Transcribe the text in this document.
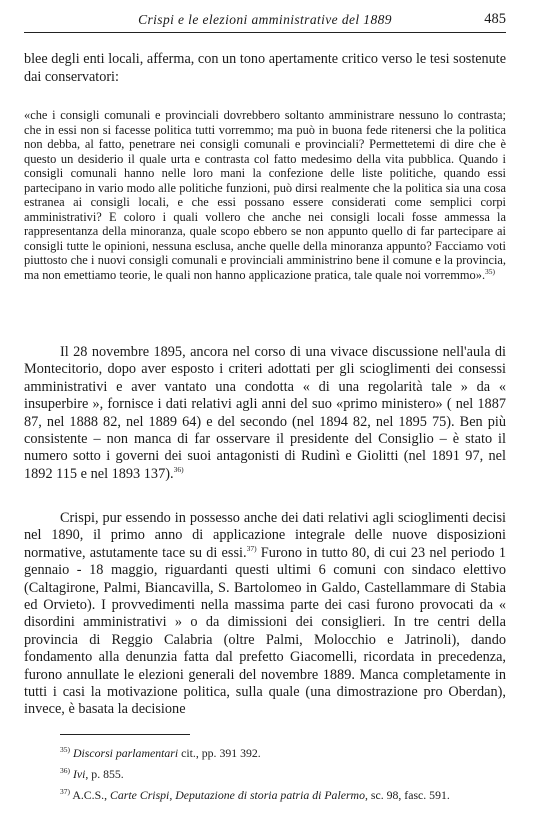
Crispi e le elezioni amministrative del 1889	485

blee degli enti locali, afferma, con un tono apertamente critico verso le tesi sostenute dai conservatori:

«che i consigli comunali e provinciali dovrebbero soltanto amministrare nessuno lo contrasta; che in essi non si facesse politica tutti vorremmo; ma può in buona fede ritenersi che la politica non debba, al fatto, penetrare nei consigli comunali e provinciali? Permettetemi di dire che è questo un desiderio il quale urta e contrasta col fatto medesimo della vita pubblica. Quando i consigli comunali hanno nelle loro mani la confezione delle liste politiche, quando essi partecipano in vario modo alle politiche funzioni, può dirsi realmente che la politica sia una cosa estranea ai consigli locali, e che essi possano essere considerati come semplici corpi amministrativi? E coloro i quali vollero che anche nei consigli locali fosse ammessa la rappresentanza della minoranza, quale scopo ebbero se non appunto quello di far partecipare ai consigli tutte le opinioni, nessuna esclusa, anche quelle della minoranza appunto? Facciamo voti piuttosto che i nuovi consigli comunali e provinciali amministrino bene il comune e la provincia, ma non emettiamo teorie, le quali non hanno applicazione pratica, tale quale noi vorremmo».$^{35)}$

Il 28 novembre 1895, ancora nel corso di una vivace discussione nell'aula di Montecitorio, dopo aver esposto i criteri adottati per gli scioglimenti dei consessi amministrativi e aver vantato una condotta « di una regolarità tale » da « insuperbire », fornisce i dati relativi agli anni del suo «primo ministero» ( nel 1887 87, nel 1888 82, nel 1889 64) e del secondo (nel 1894 82, nel 1895 75). Ben più consistente – non manca di far osservare il presidente del Consiglio – è stato il numero sotto i governi dei suoi antagonisti di Rudinì e Giolitti (nel 1891 97, nel 1892 115 e nel 1893 137).$^{36)}$

Crispi, pur essendo in possesso anche dei dati relativi agli scioglimenti decisi nel 1890, il primo anno di applicazione integrale delle nuove disposizioni normative, astutamente tace su di essi.$^{37)}$ Furono in tutto 80, di cui 23 nel periodo 1 gennaio - 18 maggio, riguardanti questi ultimi 6 comuni con sindaco elettivo (Caltagirone, Palmi, Biancavilla, S. Bartolomeo in Galdo, Castellammare di Stabia ed Orvieto). I provvedimenti nella massima parte dei casi furono provocati da « disordini amministrativi » o da dimissioni dei consiglieri. In tre centri della provincia di Reggio Calabria (oltre Palmi, Molocchio e Jatrinoli), dando fondamento alla denunzia fatta dal prefetto Giacomelli, ricordata in precedenza, furono annullate le elezioni generali del novembre 1889. Manca completamente in tutti i casi la motivazione politica, sulla quale (una dimostrazione pro Oberdan), invece, è basata la decisione

$^{35)}$ Discorsi parlamentari cit., pp. 391 392.
$^{36)}$ Ivi, p. 855.
$^{37)}$ A.C.S., Carte Crispi, Deputazione di storia patria di Palermo, sc. 98, fasc. 591.
